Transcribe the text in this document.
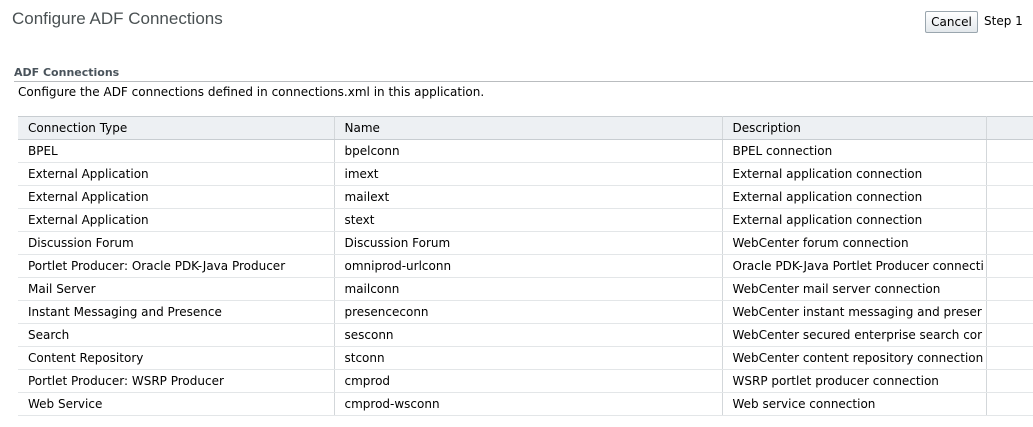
Configure ADF Connections	Cancel	Step 1
ADF Connections
Configure the ADF connections defined in connections.xml in this application.
Connection Type	Name	Description	
BPEL	bpelconn	BPEL connection	
External Application	imext	External application connection	
External Application	mailext	External application connection	
External Application	stext	External application connection	
Discussion Forum	Discussion Forum	WebCenter forum connection	
Portlet Producer: Oracle PDK-Java Producer	omniprod-urlconn	Oracle PDK-Java Portlet Producer connecti	
Mail Server	mailconn	WebCenter mail server connection	
Instant Messaging and Presence	presenceconn	WebCenter instant messaging and preser	
Search	sesconn	WebCenter secured enterprise search cor	
Content Repository	stconn	WebCenter content repository connection	
Portlet Producer: WSRP Producer	cmprod	WSRP portlet producer connection	
Web Service	cmprod-wsconn	Web service connection	
